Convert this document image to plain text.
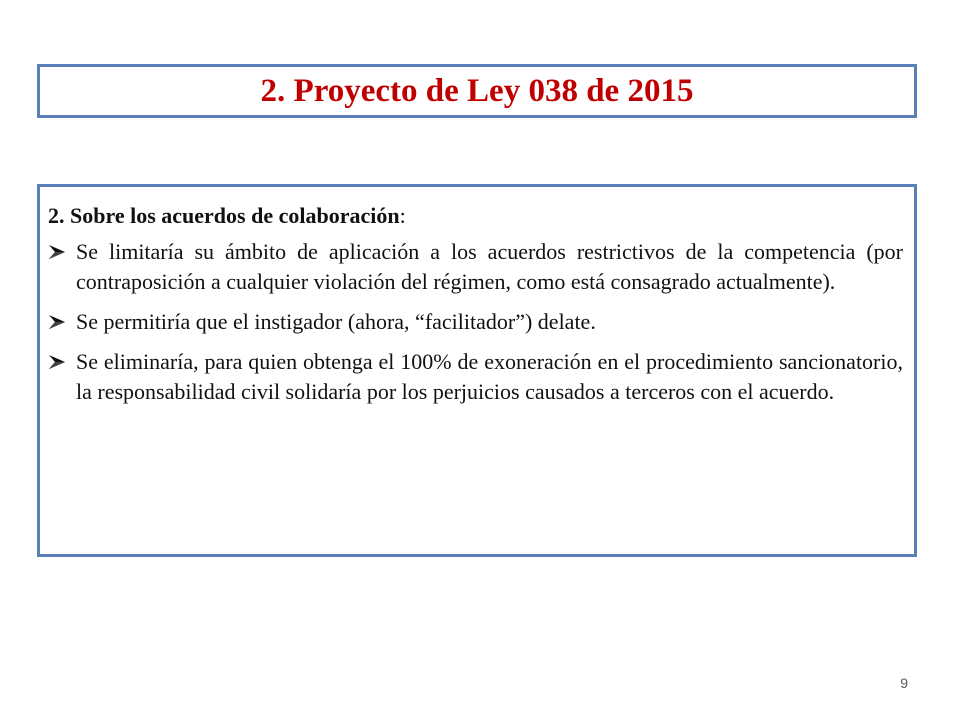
2. Proyecto de Ley 038 de 2015

2. Sobre los acuerdos de colaboración:

Se limitaría su ámbito de aplicación a los acuerdos restrictivos de la competencia (por contraposición a cualquier violación del régimen, como está consagrado actualmente).
Se permitiría que el instigador (ahora, “facilitador”) delate.
Se eliminaría, para quien obtenga el 100% de exoneración en el procedimiento sancionatorio, la responsabilidad civil solidaría por los perjuicios causados a terceros con el acuerdo.
9
